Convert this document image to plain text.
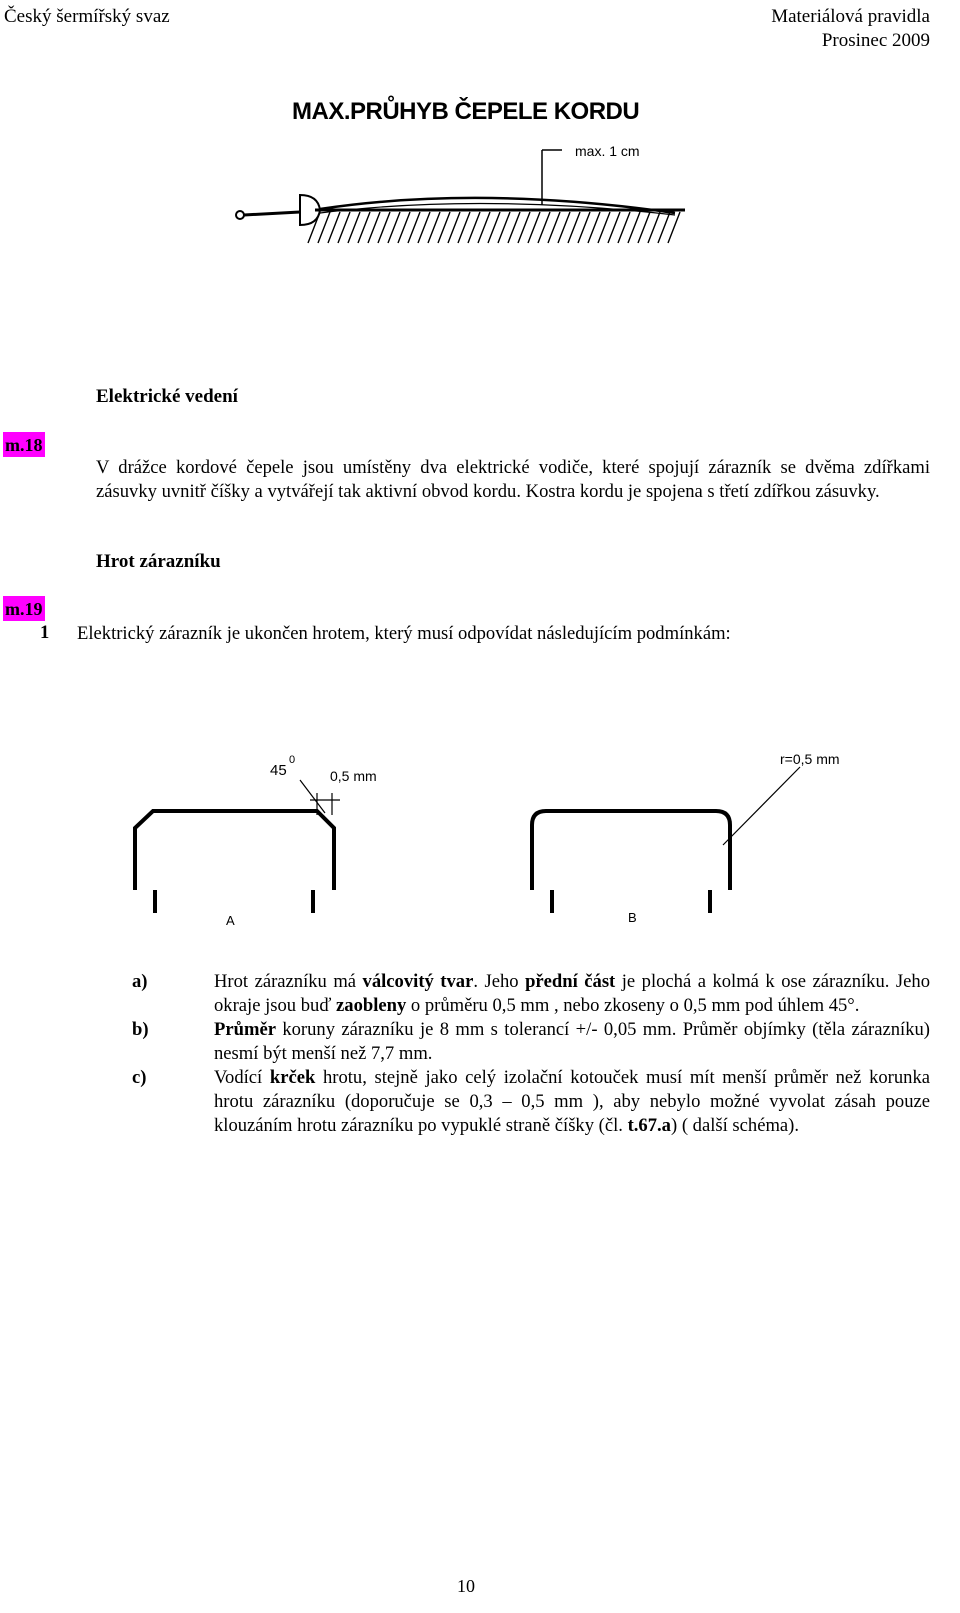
Český šermířský svaz	Materiálová pravidla
Prosinec 2009
MAX.PRŮHYB ČEPELE KORDU
max. 1 cm
Elektrické vedení
m.18
V drážce kordové čepele jsou umístěny dva elektrické vodiče, které spojují zárazník se dvěma zdířkami zásuvky uvnitř číšky a vytvářejí tak aktivní obvod kordu. Kostra kordu je spojena s třetí zdířkou zásuvky.
Hrot zárazníku
m.19
1 Elektrický zárazník je ukončen hrotem, který musí odpovídat následujícím podmínkám:
45
0
0,5 mm
A
r=0,5 mm
B
a)	Hrot zárazníku má válcovitý tvar. Jeho přední část je plochá a kolmá k ose zárazníku. Jeho okraje jsou buď zaobleny o průměru 0,5 mm , nebo zkoseny o 0,5 mm pod úhlem 45°.
b)	Průměr koruny zárazníku je 8 mm s tolerancí +/- 0,05 mm. Průměr objímky (těla zárazníku) nesmí být menší než 7,7 mm.
c)	Vodící krček hrotu, stejně jako celý izolační kotouček musí mít menší průměr než korunka hrotu zárazníku (doporučuje se 0,3 – 0,5 mm ), aby nebylo možné vyvolat zásah pouze klouzáním hrotu zárazníku po vypuklé straně číšky (čl. t.67.a) ( další schéma).
10
